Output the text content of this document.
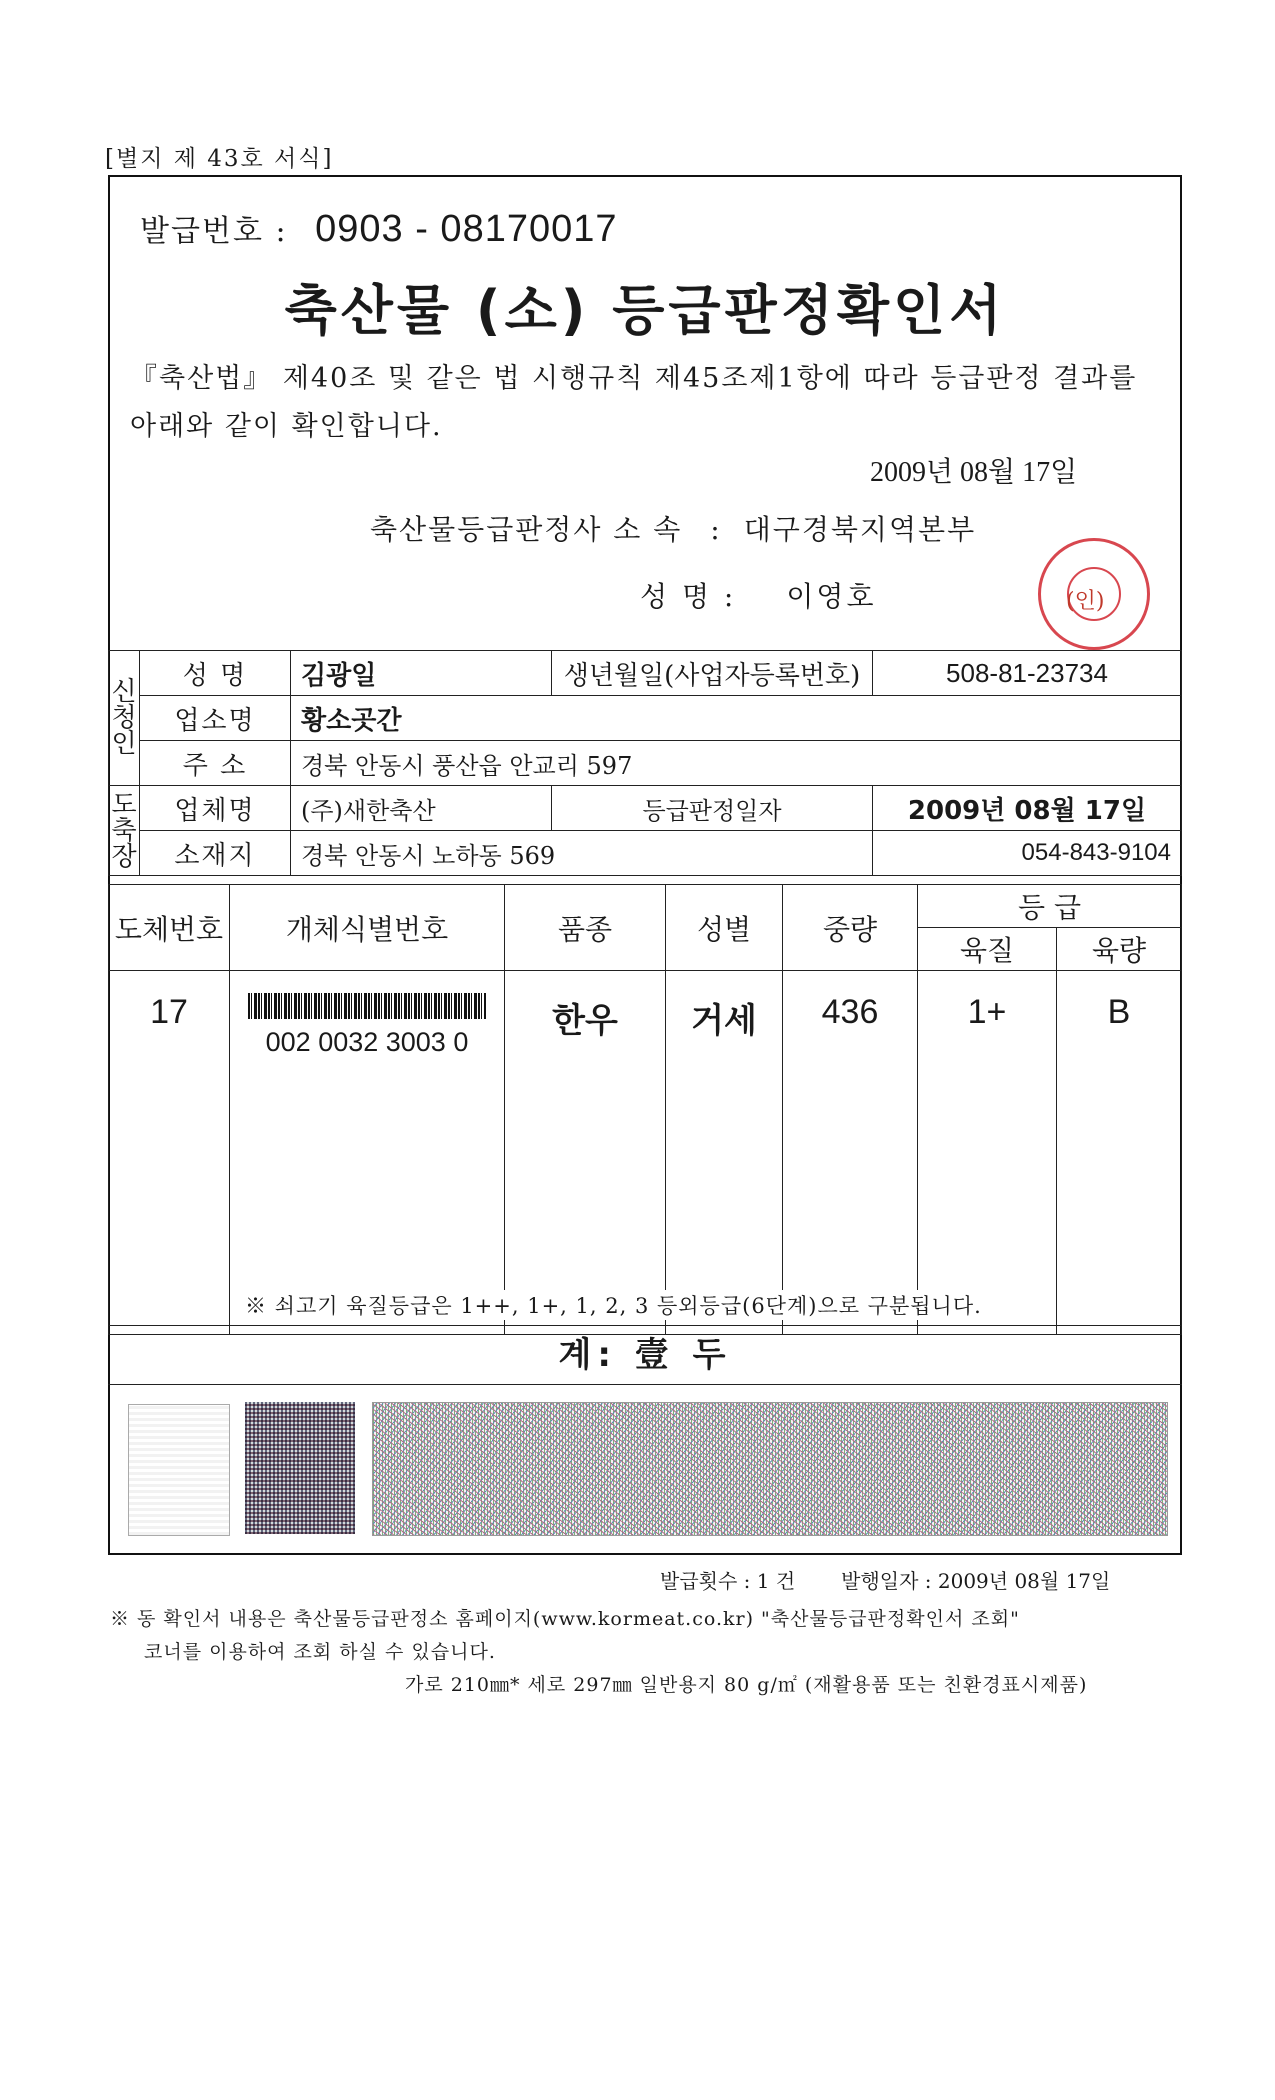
[별지 제 43호 서식]
발급번호 : 0903 - 08170017
축산물 (소) 등급판정확인서
『축산법』 제40조 및 같은 법 시행규칙 제45조제1항에 따라 등급판정 결과를 아래와 같이 확인합니다.
2009년 08월 17일
축산물등급판정사 소 속 : 대구경북지역본부
성 명 : 이영호	(인)
신
청
인	성 명	김광일	생년월일(사업자등록번호)	508-81-23734
	업소명	황소곳간		
	주 소	경북 안동시 풍산읍 안교리 597		
도
축
장	업체명	(주)새한축산	등급판정일자	2009년 08월 17일
	소재지	경북 안동시 노하동 569		054-843-9104
도체번호	개체식별번호	품종	성별	중량	등 급	
					육질	육량
17	002 0032 3003 0	한우	거세	436	1+	B
※ 쇠고기 육질등급은 1++, 1+, 1, 2, 3 등외등급(6단계)으로 구분됩니다.
계: 壹 두
발급횟수 : 1 건 발행일자 : 2009년 08월 17일
※ 동 확인서 내용은 축산물등급판정소 홈페이지(www.kormeat.co.kr) "축산물등급판정확인서 조회"
코너를 이용하여 조회 하실 수 있습니다.
가로 210㎜* 세로 297㎜ 일반용지 80 g/㎡ (재활용품 또는 친환경표시제품)
